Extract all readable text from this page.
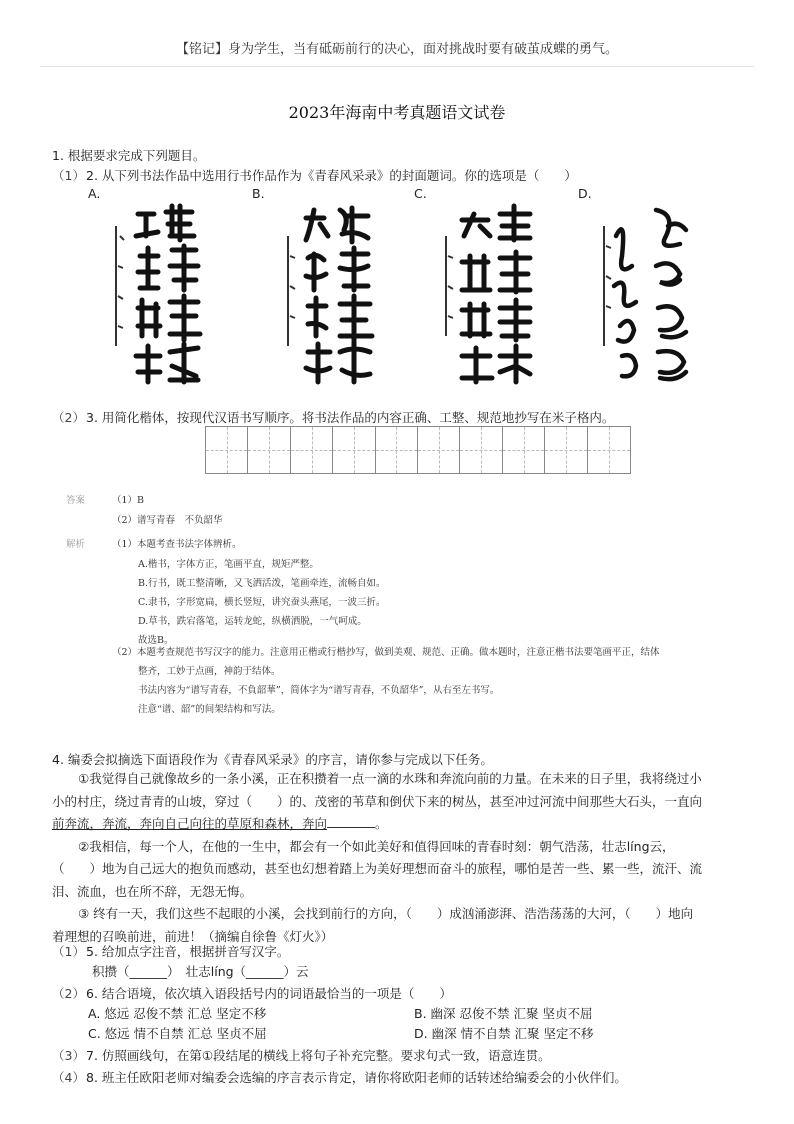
【铭记】身为学生，当有砥砺前行的决心，面对挑战时要有破茧成蝶的勇气。
2023年海南中考真题语文试卷
1. 根据要求完成下列题目。
（1）2. 从下列书法作品中选用行书作品作为《青春风采录》的封面题词。你的选项是（　　）
A.	B.	C.	D.
（2）3. 用简化楷体，按现代汉语书写顺序。将书法作品的内容正确、工整、规范地抄写在米子格内。
答案	（1）B
（2）谱写青春　不负韶华
解析	（1）本题考查书法字体辨析。
A.楷书，字体方正，笔画平直，规矩严整。
B.行书，既工整清晰，又飞洒活泼，笔画牵连，流畅自如。
C.隶书，字形宽扁，横长竖短，讲究蚕头燕尾，一波三折。
D.草书，跌宕落笔，运转龙蛇，纵横洒脱，一气呵成。
故选B。
（2）本题考查规范书写汉字的能力。注意用正楷或行楷抄写，做到美观、规范、正确。做本题时，注意正楷书法要笔画平正，结体
整齐，工妙于点画，神韵于结体。
书法内容为“谱写青春，不負韶華”，简体字为“谱写青春，不负韶华”，从右至左书写。
注意“谱、韶”的间架结构和写法。
4. 编委会拟摘选下面语段作为《青春风采录》的序言，请你参与完成以下任务。
①我觉得自己就像故乡的一条小溪，正在积攒着一点一滴的水珠和奔流向前的力量。在未来的日子里，我将绕过小
小的村庄，绕过青青的山坡，穿过（　　）的、茂密的苇草和倒伏下来的树丛，甚至冲过河流中间那些大石头，一直向
前奔流，奔流，奔向自己向往的草原和森林，奔向	。
②我相信，每一个人，在他的一生中，都会有一个如此美好和值得回味的青春时刻：朝气浩荡，壮志líng云，
（　　）地为自己远大的抱负而感动，甚至也幻想着踏上为美好理想而奋斗的旅程，哪怕是苦一些、累一些，流汗、流
泪、流血，也在所不辞，无怨无悔。
③ 终有一天，我们这些不起眼的小溪，会找到前行的方向，（　　）成汹涌澎湃、浩浩荡荡的大河，（　　）地向
着理想的召唤前进，前进！（摘编自徐鲁《灯火》）
（1）5. 给加点字注音，根据拼音写汉字。
积攒（______）　壮志líng（______）云
（2）6. 结合语境，依次填入语段括号内的词语最恰当的一项是（　　）
A. 悠远 忍俊不禁 汇总 坚定不移	B. 幽深 忍俊不禁 汇聚 坚贞不屈
C. 悠远 情不自禁 汇总 坚贞不屈	D. 幽深 情不自禁 汇聚 坚定不移
（3）7. 仿照画线句，在第①段结尾的横线上将句子补充完整。要求句式一致，语意连贯。
（4）8. 班主任欧阳老师对编委会选编的序言表示肯定，请你将欧阳老师的话转述给编委会的小伙伴们。
